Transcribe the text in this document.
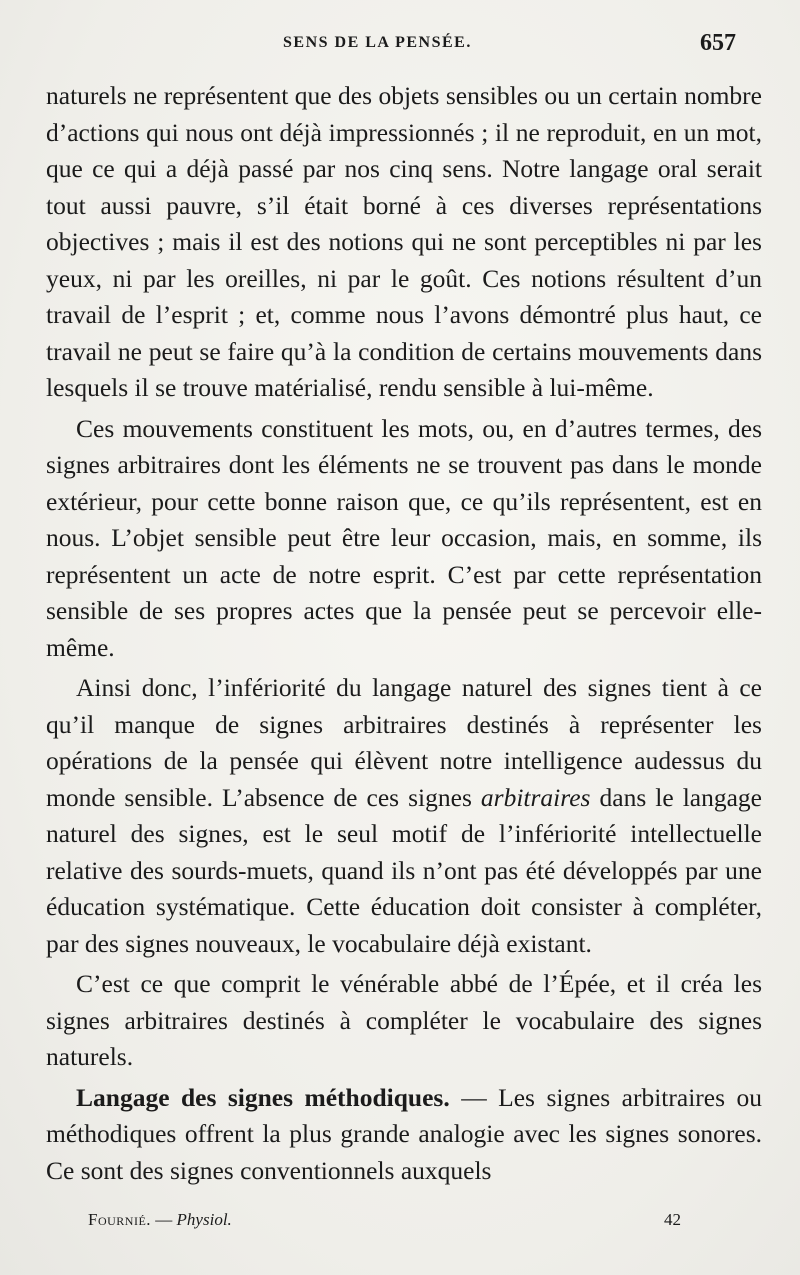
SENS DE LA PENSÉE.	657

naturels ne représentent que des objets sensibles ou un certain nombre d’actions qui nous ont déjà impressionnés ; il ne reproduit, en un mot, que ce qui a déjà passé par nos cinq sens. Notre langage oral serait tout aussi pauvre, s’il était borné à ces diverses représentations objectives ; mais il est des notions qui ne sont perceptibles ni par les yeux, ni par les oreilles, ni par le goût. Ces notions résultent d’un travail de l’esprit ; et, comme nous l’avons démontré plus haut, ce travail ne peut se faire qu’à la condition de certains mouvements dans lesquels il se trouve matérialisé, rendu sensible à lui-même.

Ces mouvements constituent les mots, ou, en d’autres termes, des signes arbitraires dont les éléments ne se trouvent pas dans le monde extérieur, pour cette bonne raison que, ce qu’ils représentent, est en nous. L’objet sensible peut être leur occasion, mais, en somme, ils représentent un acte de notre esprit. C’est par cette représentation sensible de ses propres actes que la pensée peut se percevoir elle-même.

Ainsi donc, l’infériorité du langage naturel des signes tient à ce qu’il manque de signes arbitraires destinés à représenter les opérations de la pensée qui élèvent notre intelligence audessus du monde sensible. L’absence de ces signes arbitraires dans le langage naturel des signes, est le seul motif de l’infériorité intellectuelle relative des sourds-muets, quand ils n’ont pas été développés par une éducation systématique. Cette éducation doit consister à compléter, par des signes nouveaux, le vocabulaire déjà existant.

C’est ce que comprit le vénérable abbé de l’Épée, et il créa les signes arbitraires destinés à compléter le vocabulaire des signes naturels.

Langage des signes méthodiques. — Les signes arbitraires ou méthodiques offrent la plus grande analogie avec les signes sonores. Ce sont des signes conventionnels auxquels

Fournié. — Physiol.	42
